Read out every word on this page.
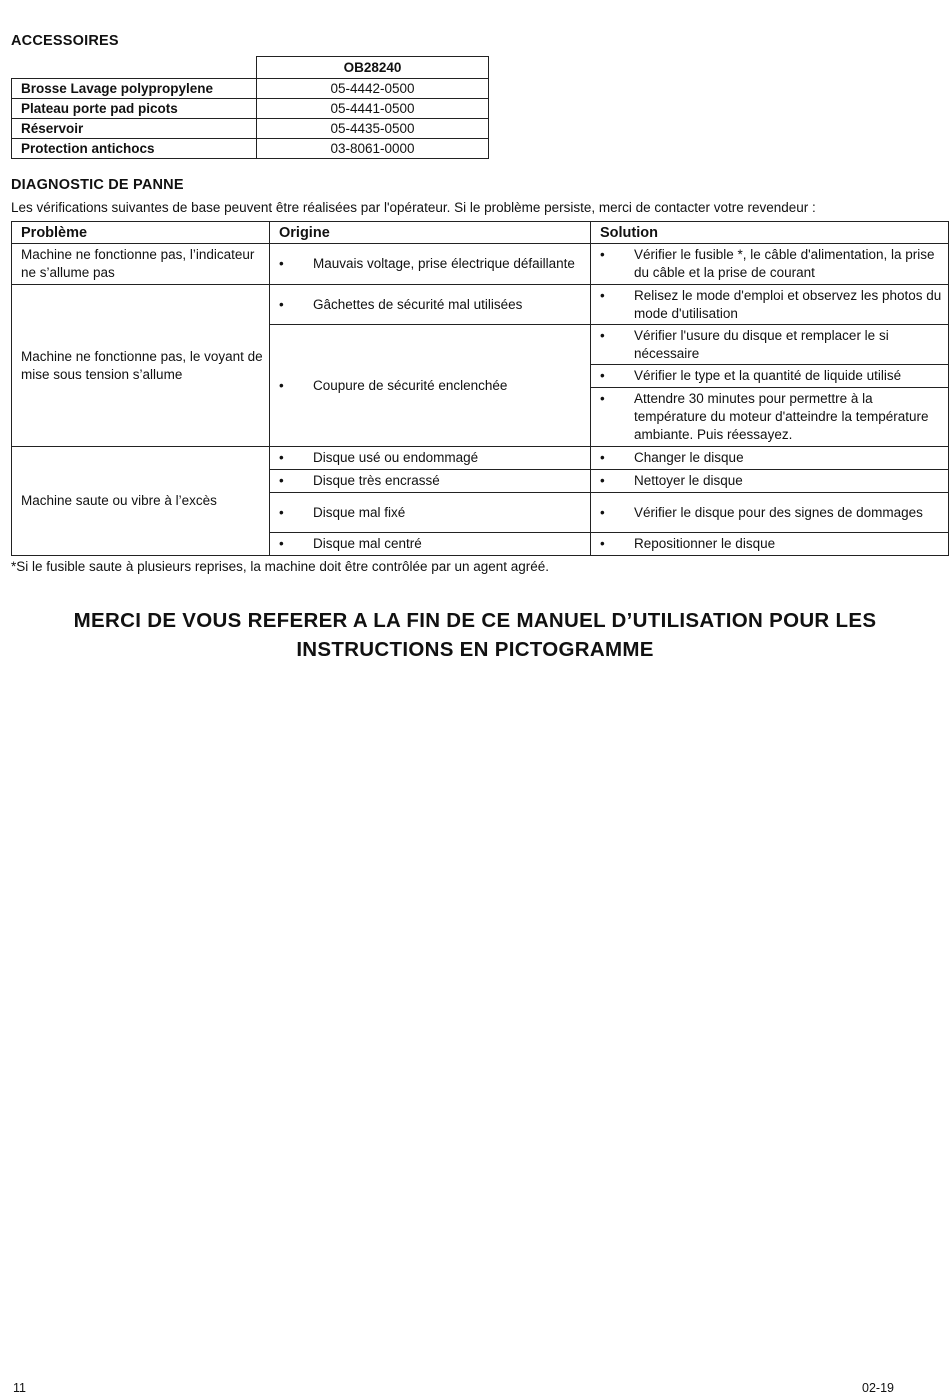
ACCESSOIRES
	OB28240
Brosse Lavage polypropylene	05-4442-0500
Plateau porte pad picots	05-4441-0500
Réservoir	05-4435-0500
Protection antichocs	03-8061-0000
DIAGNOSTIC DE PANNE
Les vérifications suivantes de base peuvent être réalisées par l'opérateur. Si le problème persiste, merci de contacter votre revendeur :
Problème	Origine	Solution
Machine ne fonctionne pas, l’indicateur ne s’allume pas	• Mauvais voltage, prise électrique défaillante	• Vérifier le fusible *, le câble d'alimentation, la prise du câble et la prise de courant

Machine ne fonctionne pas, le voyant de mise sous tension s’allume	• Gâchettes de sécurité mal utilisées	• Relisez le mode d'emploi et observez les photos du mode d'utilisation

	• Coupure de sécurité enclenchée	• Vérifier l'usure du disque et remplacer le si nécessaire

		• Vérifier le type et la quantité de liquide utilisé

		• Attendre 30 minutes pour permettre à la température du moteur d'atteindre la température ambiante. Puis réessayez.

Machine saute ou vibre à l’excès	• Disque usé ou endommagé	• Changer le disque

	• Disque très encrassé	• Nettoyer le disque

	• Disque mal fixé	• Vérifier le disque pour des signes de dommages

	• Disque mal centré	• Repositionner le disque
*Si le fusible saute à plusieurs reprises, la machine doit être contrôlée par un agent agréé.
MERCI DE VOUS REFERER A LA FIN DE CE MANUEL D’UTILISATION POUR LES
INSTRUCTIONS EN PICTOGRAMME
11	02-19
